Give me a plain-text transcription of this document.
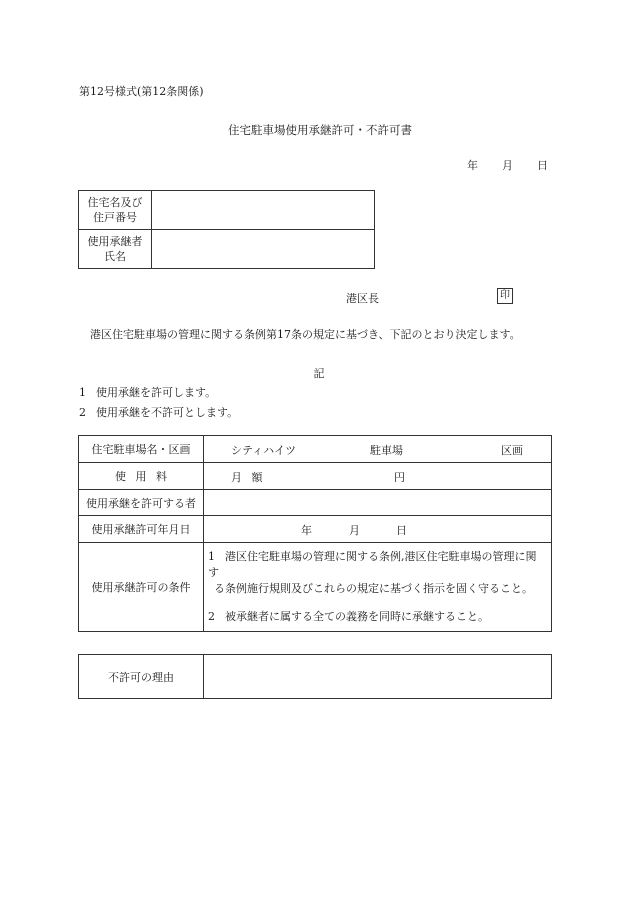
第12号様式(第12条関係)
住宅駐車場使用承継許可・不許可書
年 月 日
住宅名及び
住戸番号	

使用承継者
氏名	

港区長	印
港区住宅駐車場の管理に関する条例第17条の規定に基づき、下記のとおり決定します。
記
1 使用承継を許可します。
2 使用承継を不許可とします。
住宅駐車場名・区画	シティハイツ 駐車場 区画

使 用 料	月 額 円

使用承継を許可する者	
使用承継許可年月日	年 月 日

使用承継許可の条件	1 港区住宅駐車場の管理に関する条例,港区住宅駐車場の管理に関す

る条例施行規則及びこれらの規定に基づく指示を固く守ること。

2 被承継者に属する全ての義務を同時に承継すること。

不許可の理由	
